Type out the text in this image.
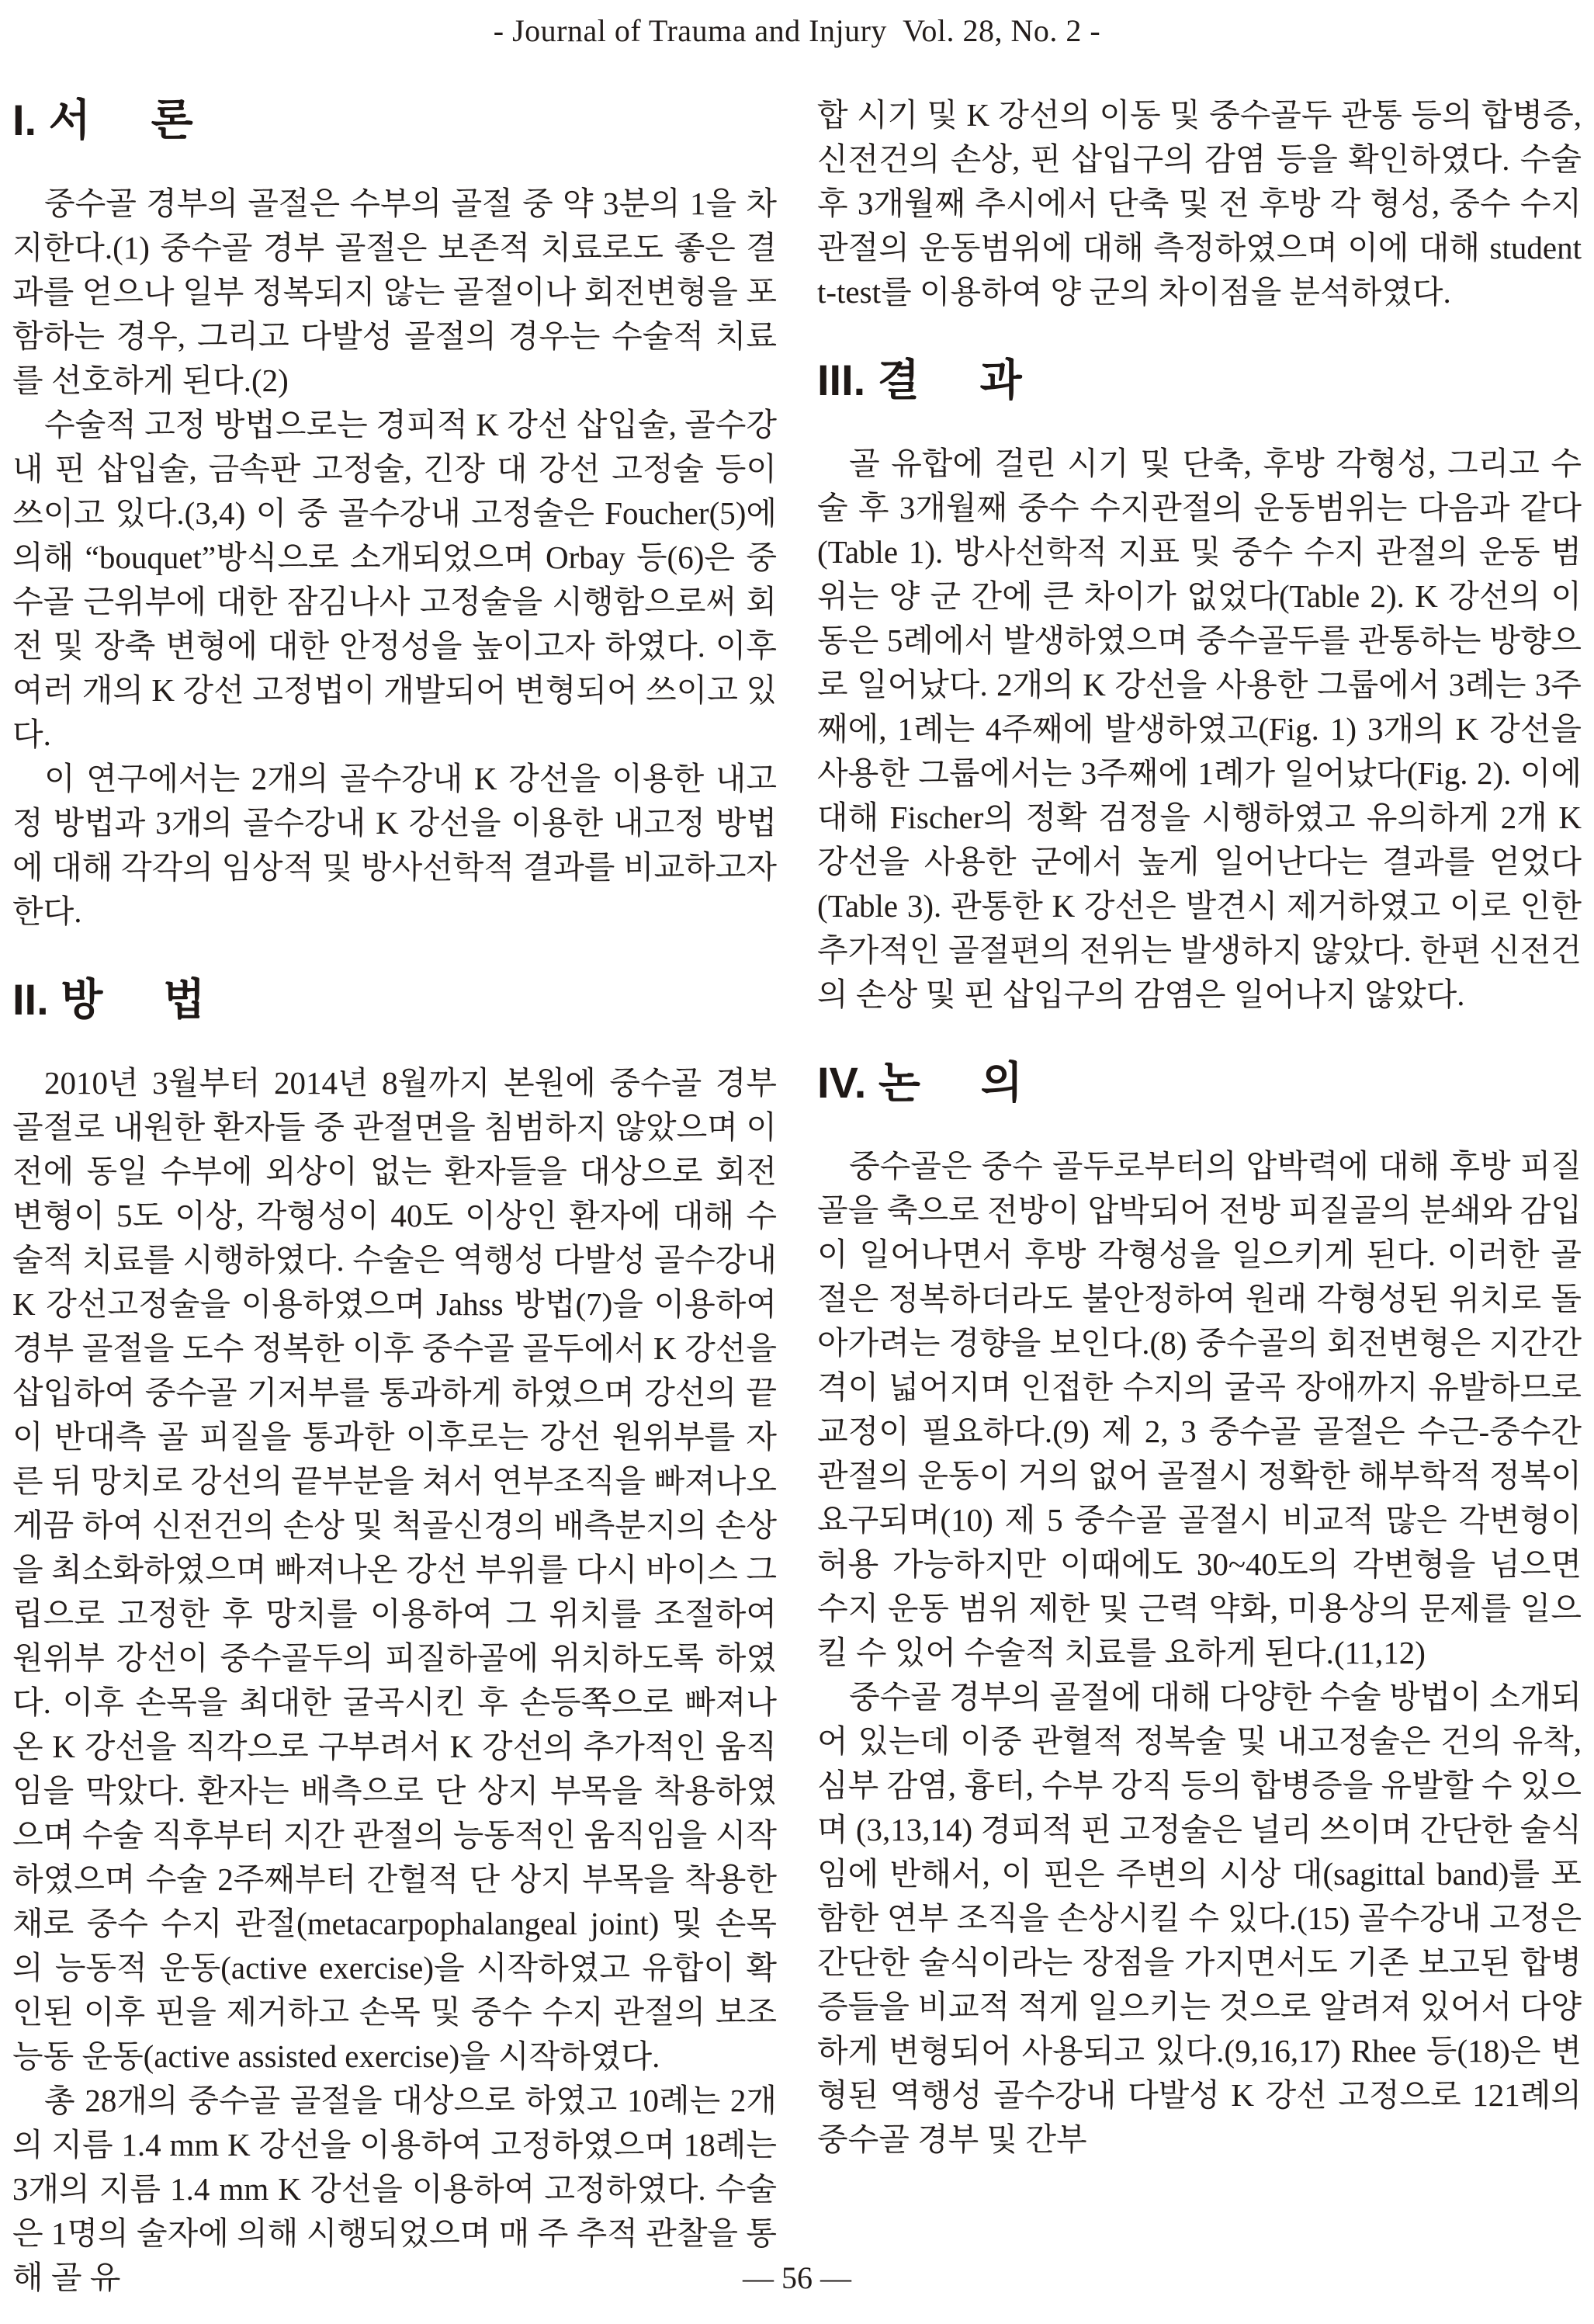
- Journal of Trauma and Injury  Vol. 28, No. 2 -
I. 서     론

중수골 경부의 골절은 수부의 골절 중 약 3분의 1을 차지한다.(1) 중수골 경부 골절은 보존적 치료로도 좋은 결과를 얻으나 일부 정복되지 않는 골절이나 회전변형을 포함하는 경우, 그리고 다발성 골절의 경우는 수술적 치료를 선호하게 된다.(2)

수술적 고정 방법으로는 경피적 K 강선 삽입술, 골수강내 핀 삽입술, 금속판 고정술, 긴장 대 강선 고정술 등이 쓰이고 있다.(3,4) 이 중 골수강내 고정술은 Foucher(5)에 의해 “bouquet”방식으로 소개되었으며 Orbay 등(6)은 중수골 근위부에 대한 잠김나사 고정술을 시행함으로써 회전 및 장축 변형에 대한 안정성을 높이고자 하였다. 이후 여러 개의 K 강선 고정법이 개발되어 변형되어 쓰이고 있다.

이 연구에서는 2개의 골수강내 K 강선을 이용한 내고정 방법과 3개의 골수강내 K 강선을 이용한 내고정 방법에 대해 각각의 임상적 및 방사선학적 결과를 비교하고자 한다.

II. 방     법

2010년 3월부터 2014년 8월까지 본원에 중수골 경부 골절로 내원한 환자들 중 관절면을 침범하지 않았으며 이전에 동일 수부에 외상이 없는 환자들을 대상으로 회전 변형이 5도 이상, 각형성이 40도 이상인 환자에 대해 수술적 치료를 시행하였다. 수술은 역행성 다발성 골수강내 K 강선고정술을 이용하였으며 Jahss 방법(7)을 이용하여 경부 골절을 도수 정복한 이후 중수골 골두에서 K 강선을 삽입하여 중수골 기저부를 통과하게 하였으며 강선의 끝이 반대측 골 피질을 통과한 이후로는 강선 원위부를 자른 뒤 망치로 강선의 끝부분을 쳐서 연부조직을 빠져나오게끔 하여 신전건의 손상 및 척골신경의 배측분지의 손상을 최소화하였으며 빠져나온 강선 부위를 다시 바이스 그립으로 고정한 후 망치를 이용하여 그 위치를 조절하여 원위부 강선이 중수골두의 피질하골에 위치하도록 하였다. 이후 손목을 최대한 굴곡시킨 후 손등쪽으로 빠져나온 K 강선을 직각으로 구부려서 K 강선의 추가적인 움직임을 막았다. 환자는 배측으로 단 상지 부목을 착용하였으며 수술 직후부터 지간 관절의 능동적인 움직임을 시작하였으며 수술 2주째부터 간헐적 단 상지 부목을 착용한 채로 중수 수지 관절(metacarpophalangeal joint) 및 손목의 능동적 운동(active exercise)을 시작하였고 유합이 확인된 이후 핀을 제거하고 손목 및 중수 수지 관절의 보조 능동 운동(active assisted exercise)을 시작하였다.

총 28개의 중수골 골절을 대상으로 하였고 10례는 2개의 지름 1.4 mm K 강선을 이용하여 고정하였으며 18례는 3개의 지름 1.4 mm K 강선을 이용하여 고정하였다. 수술은 1명의 술자에 의해 시행되었으며 매 주 추적 관찰을 통해 골 유

합 시기 및 K 강선의 이동 및 중수골두 관통 등의 합병증, 신전건의 손상, 핀 삽입구의 감염 등을 확인하였다. 수술 후 3개월째 추시에서 단축 및 전 후방 각 형성, 중수 수지관절의 운동범위에 대해 측정하였으며 이에 대해 student t-test를 이용하여 양 군의 차이점을 분석하였다.

III. 결     과

골 유합에 걸린 시기 및 단축, 후방 각형성, 그리고 수술 후 3개월째 중수 수지관절의 운동범위는 다음과 같다(Table 1). 방사선학적 지표 및 중수 수지 관절의 운동 범위는 양 군 간에 큰 차이가 없었다(Table 2). K 강선의 이동은 5례에서 발생하였으며 중수골두를 관통하는 방향으로 일어났다. 2개의 K 강선을 사용한 그룹에서 3례는 3주째에, 1례는 4주째에 발생하였고(Fig. 1) 3개의 K 강선을 사용한 그룹에서는 3주째에 1례가 일어났다(Fig. 2). 이에 대해 Fischer의 정확 검정을 시행하였고 유의하게 2개 K 강선을 사용한 군에서 높게 일어난다는 결과를 얻었다(Table 3). 관통한 K 강선은 발견시 제거하였고 이로 인한 추가적인 골절편의 전위는 발생하지 않았다. 한편 신전건의 손상 및 핀 삽입구의 감염은 일어나지 않았다.

IV. 논     의

중수골은 중수 골두로부터의 압박력에 대해 후방 피질골을 축으로 전방이 압박되어 전방 피질골의 분쇄와 감입이 일어나면서 후방 각형성을 일으키게 된다. 이러한 골절은 정복하더라도 불안정하여 원래 각형성된 위치로 돌아가려는 경향을 보인다.(8) 중수골의 회전변형은 지간간격이 넓어지며 인접한 수지의 굴곡 장애까지 유발하므로 교정이 필요하다.(9) 제 2, 3 중수골 골절은 수근-중수간 관절의 운동이 거의 없어 골절시 정확한 해부학적 정복이 요구되며(10) 제 5 중수골 골절시 비교적 많은 각변형이 허용 가능하지만 이때에도 30~40도의 각변형을 넘으면 수지 운동 범위 제한 및 근력 약화, 미용상의 문제를 일으킬 수 있어 수술적 치료를 요하게 된다.(11,12)

중수골 경부의 골절에 대해 다양한 수술 방법이 소개되어 있는데 이중 관혈적 정복술 및 내고정술은 건의 유착, 심부 감염, 흉터, 수부 강직 등의 합병증을 유발할 수 있으며 (3,13,14) 경피적 핀 고정술은 널리 쓰이며 간단한 술식임에 반해서, 이 핀은 주변의 시상 대(sagittal band)를 포함한 연부 조직을 손상시킬 수 있다.(15) 골수강내 고정은 간단한 술식이라는 장점을 가지면서도 기존 보고된 합병증들을 비교적 적게 일으키는 것으로 알려져 있어서 다양하게 변형되어 사용되고 있다.(9,16,17) Rhee 등(18)은 변형된 역행성 골수강내 다발성 K 강선 고정으로 121례의 중수골 경부 및 간부

— 56 —
